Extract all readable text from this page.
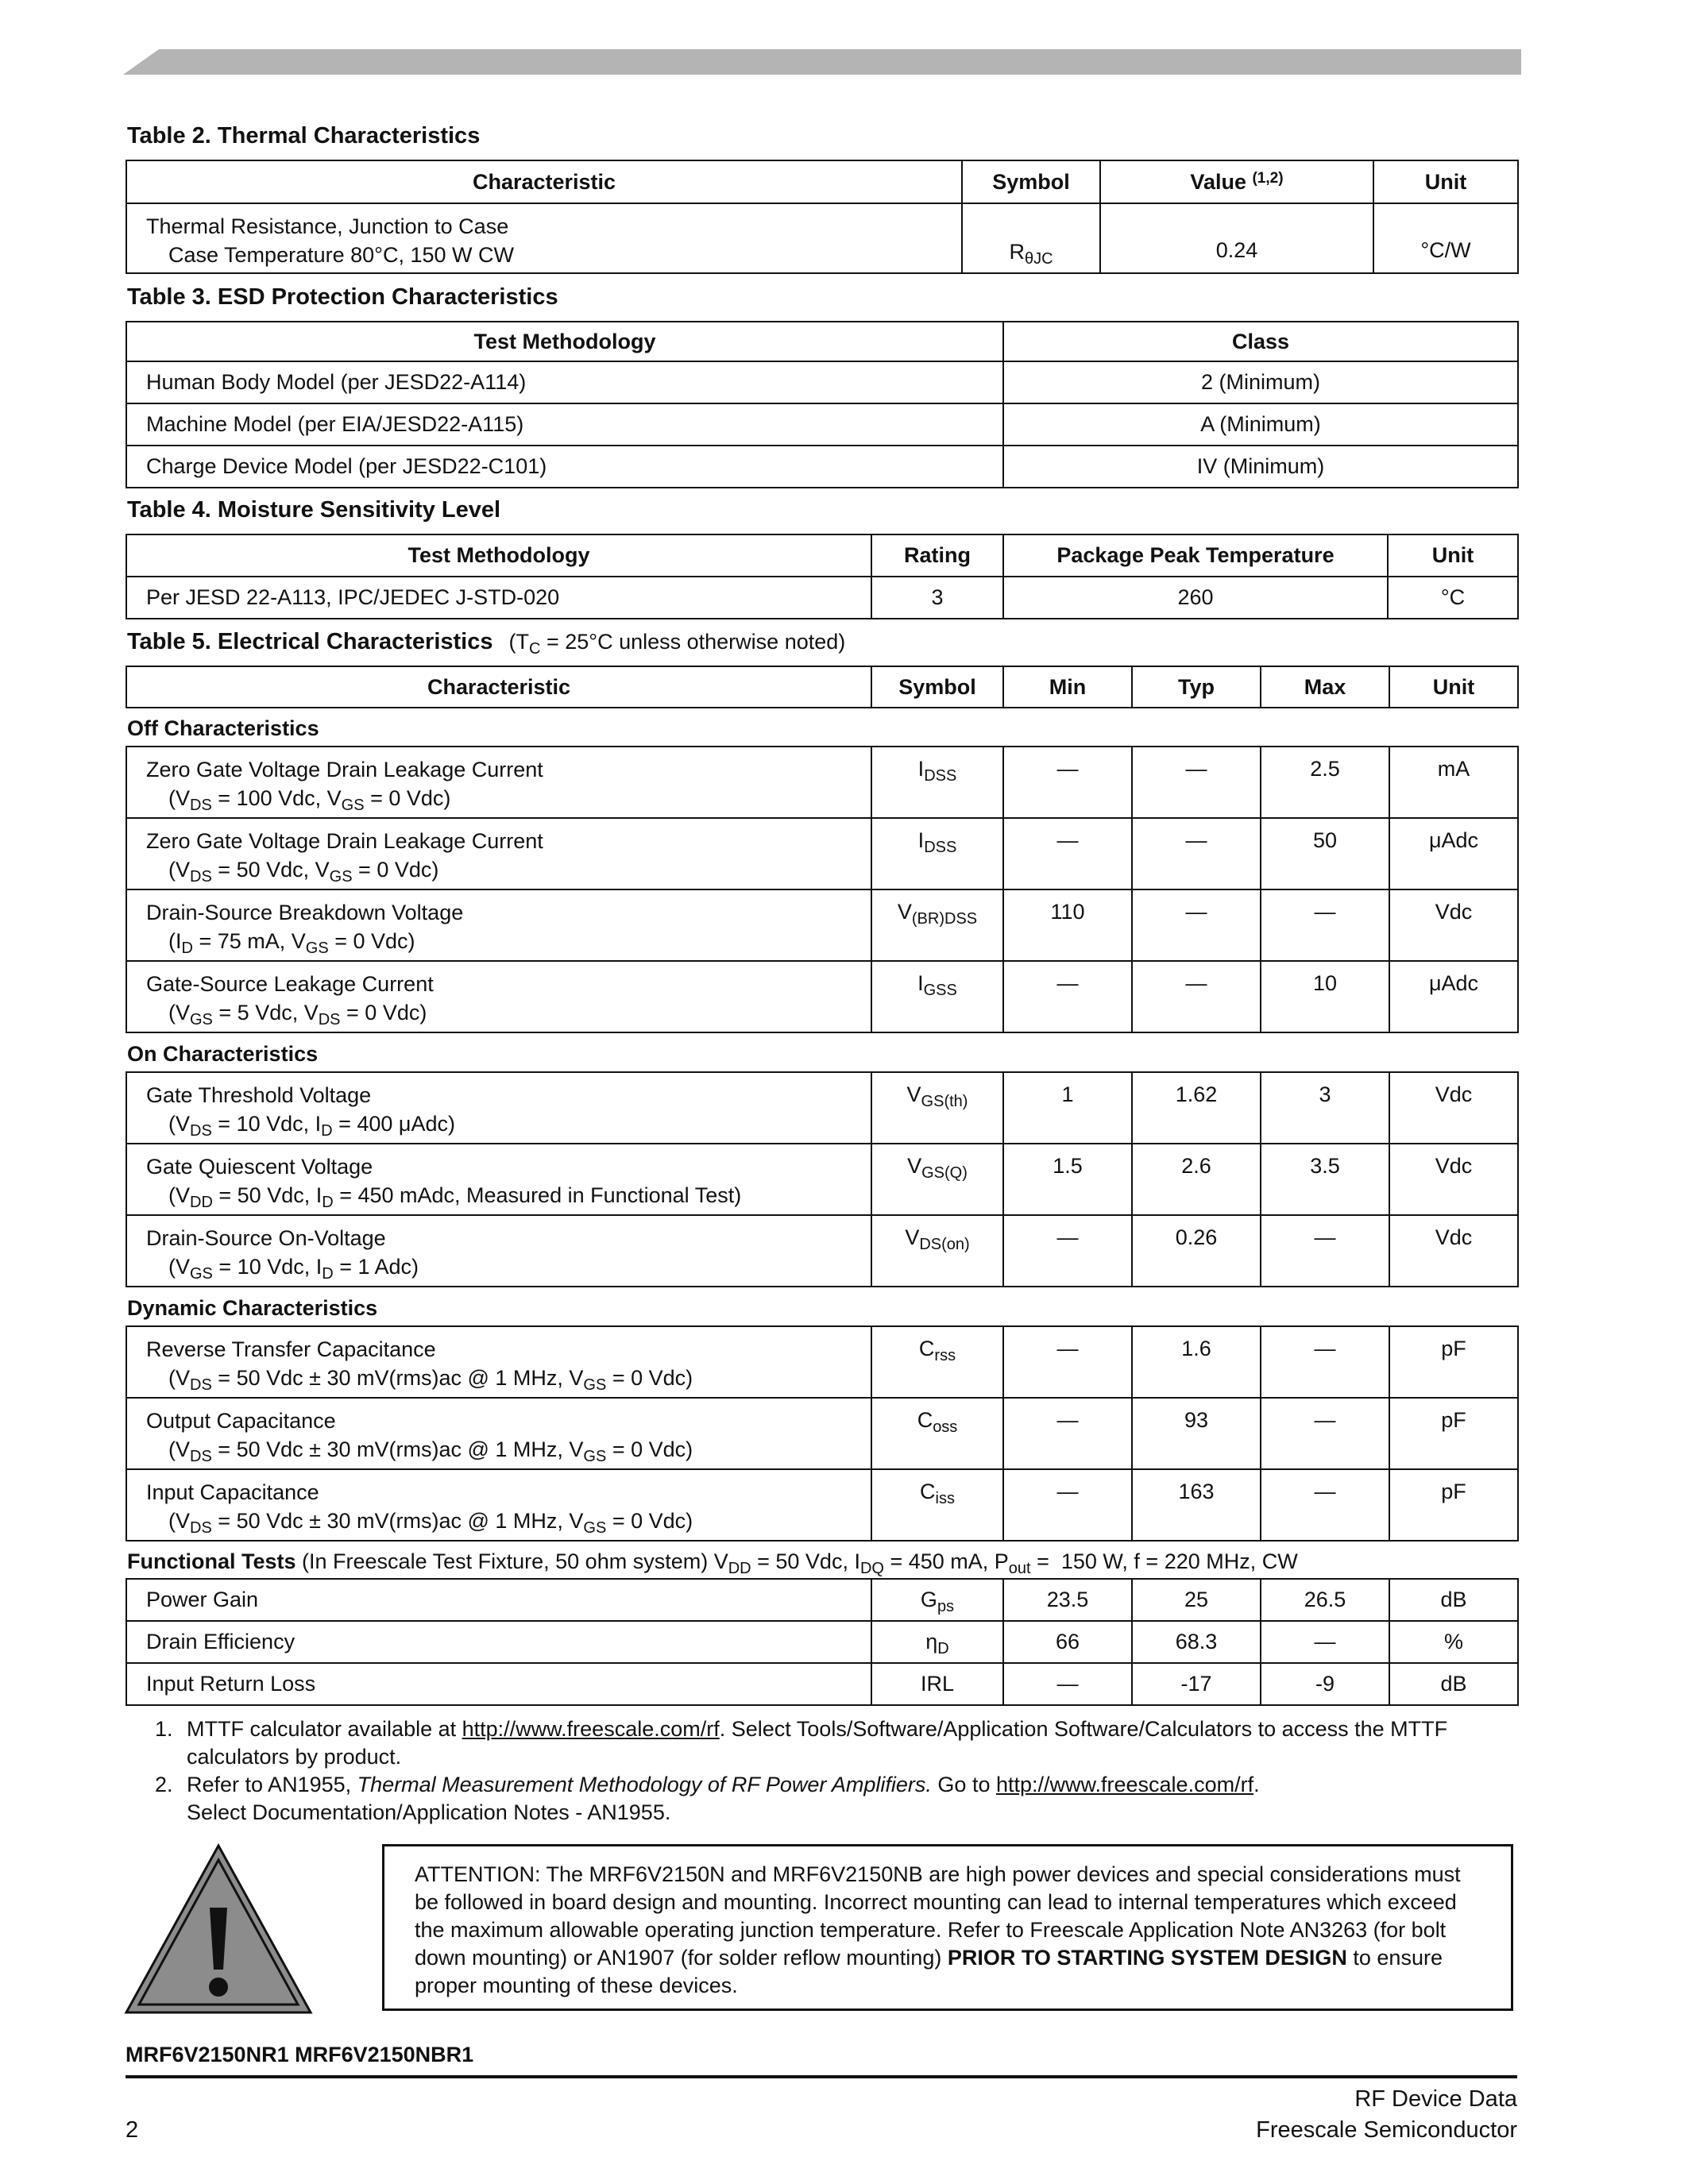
Table 2. Thermal Characteristics
Characteristic	Symbol	Value $^{(1,2)}$	Unit

Thermal Resistance, Junction to Case
Case Temperature 80°C, 150 W CW	$R_{\theta JC}$	0.24	°C/W
Table 3. ESD Protection Characteristics
Test Methodology	Class
Human Body Model (per JESD22-A114)	2 (Minimum)
Machine Model (per EIA/JESD22-A115)	A (Minimum)
Charge Device Model (per JESD22-C101)	IV (Minimum)
Table 4. Moisture Sensitivity Level
Test Methodology	Rating	Package Peak Temperature	Unit
Per JESD 22-A113, IPC/JEDEC J-STD-020	3	260	°C
Table 5. Electrical Characteristics ($T_C = 25^\circ C$ unless otherwise noted)
Characteristic	Symbol	Min	Typ	Max	Unit
Off Characteristics
Zero Gate Voltage Drain Leakage Current
($V_{DS} = 100$ Vdc, $V_{GS} = 0$ Vdc)	$I_{DSS}$	—	—	2.5	mA

Zero Gate Voltage Drain Leakage Current
($V_{DS} = 50$ Vdc, $V_{GS} = 0$ Vdc)	$I_{DSS}$	—	—	50	μAdc

Drain-Source Breakdown Voltage
($I_D = 75$ mA, $V_{GS} = 0$ Vdc)	$V_{(BR)DSS}$	110	—	—	Vdc

Gate-Source Leakage Current
($V_{GS} = 5$ Vdc, $V_{DS} = 0$ Vdc)	$I_{GSS}$	—	—	10	μAdc
On Characteristics
Gate Threshold Voltage
($V_{DS} = 10$ Vdc, $I_D = 400$ μAdc)	$V_{GS(th)}$	1	1.62	3	Vdc

Gate Quiescent Voltage
($V_{DD} = 50$ Vdc, $I_D = 450$ mAdc, Measured in Functional Test)	$V_{GS(Q)}$	1.5	2.6	3.5	Vdc

Drain-Source On-Voltage
($V_{GS} = 10$ Vdc, $I_D = 1$ Adc)	$V_{DS(on)}$	—	0.26	—	Vdc
Dynamic Characteristics
Reverse Transfer Capacitance
($V_{DS} = 50$ Vdc ± 30 mV(rms)ac @ 1 MHz, $V_{GS} = 0$ Vdc)	$C_{rss}$	—	1.6	—	pF

Output Capacitance
($V_{DS} = 50$ Vdc ± 30 mV(rms)ac @ 1 MHz, $V_{GS} = 0$ Vdc)	$C_{oss}$	—	93	—	pF

Input Capacitance
($V_{DS} = 50$ Vdc ± 30 mV(rms)ac @ 1 MHz, $V_{GS} = 0$ Vdc)	$C_{iss}$	—	163	—	pF
Functional Tests (In Freescale Test Fixture, 50 ohm system) $V_{DD} = 50$ Vdc, $I_{DQ} = 450$ mA, $P_{out} = 150$ W, f = 220 MHz, CW
Power Gain	$G_{ps}$	23.5	25	26.5	dB

Drain Efficiency	$\eta_D$	66	68.3	—	%

Input Return Loss	IRL	—	-17	-9	dB
1. MTTF calculator available at http://www.freescale.com/rf. Select Tools/Software/Application Software/Calculators to access the MTTF calculators by product.
2. Refer to AN1955, Thermal Measurement Methodology of RF Power Amplifiers. Go to http://www.freescale.com/rf.
Select Documentation/Application Notes - AN1955.
ATTENTION: The MRF6V2150N and MRF6V2150NB are high power devices and special considerations must be followed in board design and mounting. Incorrect mounting can lead to internal temperatures which exceed the maximum allowable operating junction temperature. Refer to Freescale Application Note AN3263 (for bolt down mounting) or AN1907 (for solder reflow mounting) PRIOR TO STARTING SYSTEM DESIGN to ensure proper mounting of these devices.
MRF6V2150NR1 MRF6V2150NBR1
RF Device Data
Freescale Semiconductor
2
